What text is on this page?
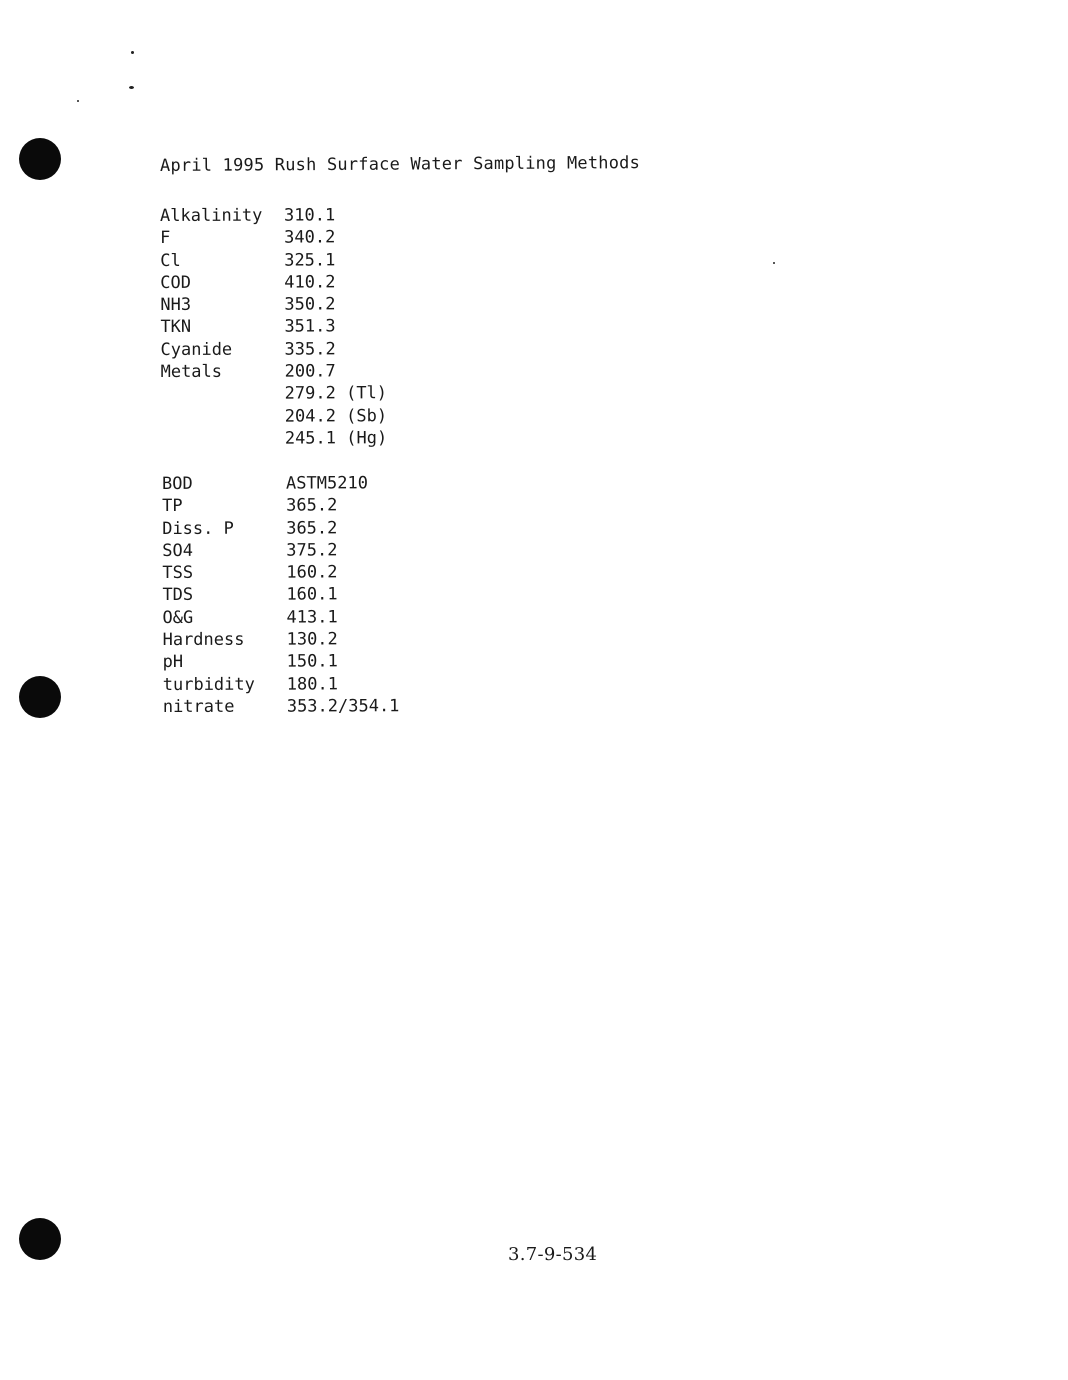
April 1995 Rush Surface Water Sampling Methods
Alkalinity	310.1
F	340.2
Cl	325.1
COD	410.2
NH3	350.2
TKN	351.3
Cyanide	335.2
Metals	200.7
279.2 (Tl)
204.2 (Sb)
245.1 (Hg)
BOD	ASTM5210
TP	365.2
Diss. P	365.2
SO4	375.2
TSS	160.2
TDS	160.1
O&G	413.1
Hardness	130.2
pH	150.1
turbidity	180.1
nitrate	353.2/354.1
3.7-9-534
